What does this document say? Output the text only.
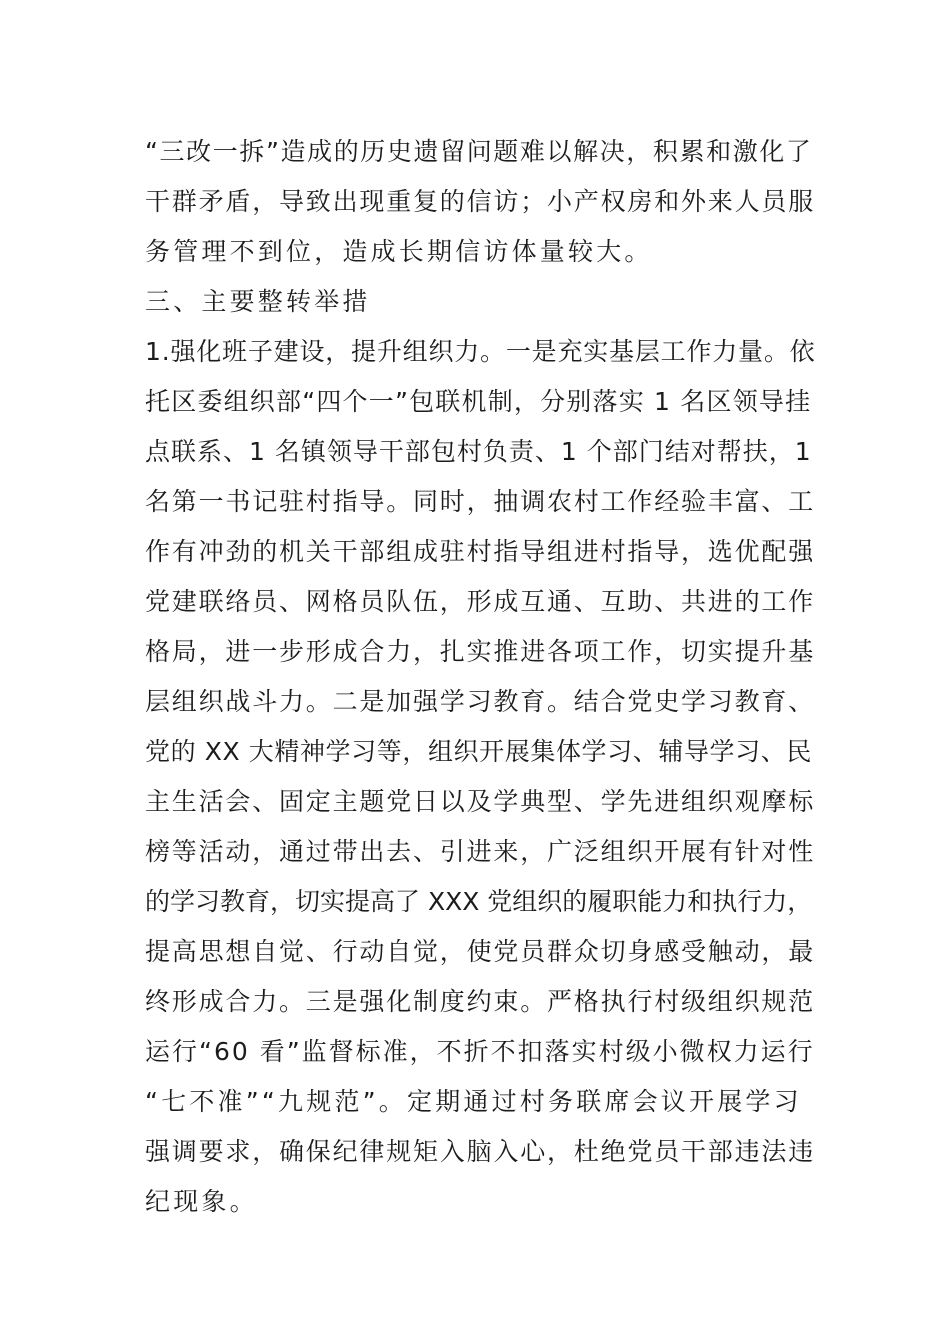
“三改一拆”造成的历史遗留问题难以解决，积累和激化了
干群矛盾，导致出现重复的信访；小产权房和外来人员服
务管理不到位，造成长期信访体量较大。
三、主要整转举措
1.强化班子建设，提升组织力。一是充实基层工作力量。依
托区委组织部“四个一”包联机制，分别落实 1 名区领导挂
点联系、1 名镇领导干部包村负责、1 个部门结对帮扶，1
名第一书记驻村指导。同时，抽调农村工作经验丰富、工
作有冲劲的机关干部组成驻村指导组进村指导，选优配强
党建联络员、网格员队伍，形成互通、互助、共进的工作
格局，进一步形成合力，扎实推进各项工作，切实提升基
层组织战斗力。二是加强学习教育。结合党史学习教育、
党的 XX 大精神学习等，组织开展集体学习、辅导学习、民
主生活会、固定主题党日以及学典型、学先进组织观摩标
榜等活动，通过带出去、引进来，广泛组织开展有针对性
的学习教育，切实提高了 XXX 党组织的履职能力和执行力，
提高思想自觉、行动自觉，使党员群众切身感受触动，最
终形成合力。三是强化制度约束。严格执行村级组织规范
运行“60 看”监督标准，不折不扣落实村级小微权力运行
“七不准”“九规范”。定期通过村务联席会议开展学习
强调要求，确保纪律规矩入脑入心，杜绝党员干部违法违
纪现象。
